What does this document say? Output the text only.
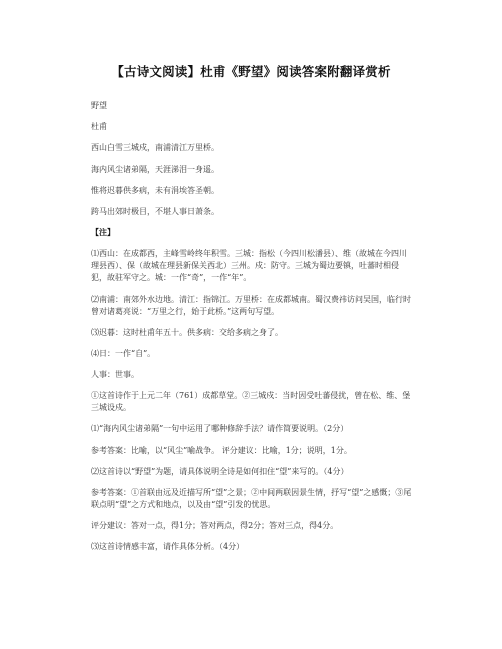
【古诗文阅读】杜甫《野望》阅读答案附翻译赏析

野望

杜甫

西山白雪三城戍，南浦清江万里桥。

海内风尘诸弟隔，天涯涕泪一身遥。

惟将迟暮供多病，未有涓埃答圣朝。

跨马出郊时极目，不堪人事日萧条。

【注】

⑴西山：在成都西，主峰雪岭终年积雪。三城：指松（今四川松潘县）、维（故城在今四川理县西）、保（故城在理县新保关西北）三州。戍：防守。三城为蜀边要镇，吐蕃时相侵犯，故驻军守之。城：一作“奇”，一作“年”。

⑵南浦：南郊外水边地。清江：指锦江。万里桥：在成都城南。蜀汉费祎访问吴国，临行时曾对诸葛亮说：“万里之行，始于此桥。”这两句写望。

⑶迟暮：这时杜甫年五十。供多病：交给多病之身了。

⑷日：一作“自”。

人事：世事。

①这首诗作于上元二年（761）成都草堂。②三城戍：当时因受吐蕃侵扰，曾在松、维、堡三城设戍。

⑴“海内风尘诸弟隔”一句中运用了哪种修辞手法？请作简要说明。（2分）

参考答案：比喻，以“风尘”喻战争。 评分建议：比喻，1分；说明，1分。

⑵这首诗以“野望”为题，请具体说明全诗是如何扣住“望”来写的。（4分）

参考答案：①首联由远及近描写所“望”之景；②中间两联因景生情，抒写“望”之感慨；③尾联点明“望”之方式和地点，以及由“望”引发的忧思。

评分建议：答对一点，得1分；答对两点，得2分；答对三点，得4分。

⑶这首诗情感丰富，请作具体分析。（4分）
